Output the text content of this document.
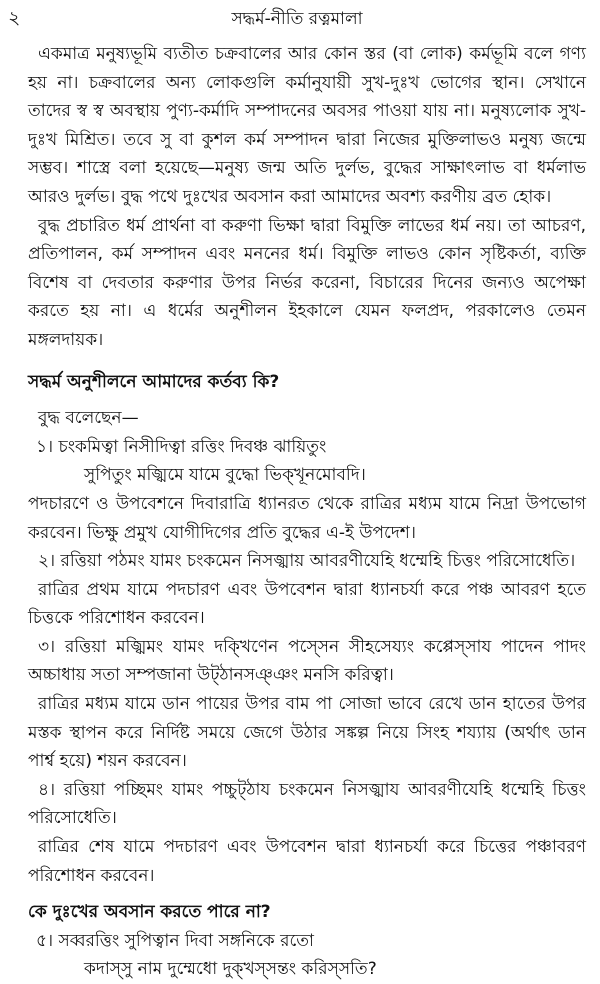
২	সদ্ধর্ম-নীতি রত্নমালা

একমাত্র মনুষ্যভূমি ব্যতীত চক্রবালের আর কোন স্তর (বা লোক) কর্মভূমি বলে গণ্য হয় না। চক্রবালের অন্য লোকগুলি কর্মানুযায়ী সুখ-দুঃখ ভোগের স্থান। সেখানে তাদের স্ব স্ব অবস্থায় পুণ্য-কর্মাদি সম্পাদনের অবসর পাওয়া যায় না। মনুষ্যলোক সুখ-দুঃখ মিশ্রিত। তবে সু বা কুশল কর্ম সম্পাদন দ্বারা নিজের মুক্তিলাভও মনুষ্য জন্মে সম্ভব। শাস্ত্রে বলা হয়েছে—মনুষ্য জন্ম অতি দুর্লভ, বুদ্ধের সাক্ষাৎলাভ বা ধর্মলাভ আরও দুর্লভ। বুদ্ধ পথে দুঃখের অবসান করা আমাদের অবশ্য করণীয় ব্রত হোক।

বুদ্ধ প্রচারিত ধর্ম প্রার্থনা বা করুণা ভিক্ষা দ্বারা বিমুক্তি লাভের ধর্ম নয়। তা আচরণ, প্রতিপালন, কর্ম সম্পাদন এবং মননের ধর্ম। বিমুক্তি লাভও কোন সৃষ্টিকর্তা, ব্যক্তি বিশেষ বা দেবতার করুণার উপর নির্ভর করেনা, বিচারের দিনের জন্যও অপেক্ষা করতে হয় না। এ ধর্মের অনুশীলন ইহকালে যেমন ফলপ্রদ, পরকালেও তেমন মঙ্গলদায়ক।

সদ্ধর্ম অনুশীলনে আমাদের কর্তব্য কি?

বুদ্ধ বলেছেন—

১। চংকমিত্বা নিসীদিত্বা রত্তিং দিবঞ্চ ঝায়িতুং

সুপিতুং মজ্ঝিমে যামে বুদ্ধো ভিক্খূনমোবদি।

পদচারণে ও উপবেশনে দিবারাত্রি ধ্যানরত থেকে রাত্রির মধ্যম যামে নিদ্রা উপভোগ করবেন। ভিক্ষু প্রমুখ যোগীদিগের প্রতি বুদ্ধের এ-ই উপদেশ।

২। রত্তিয়া পঠমং যামং চংকমেন নিসজ্ঝায় আবরণীযেহি ধম্মেহি চিত্তং পরিসোধেতি।

রাত্রির প্রথম যামে পদচারণ এবং উপবেশন দ্বারা ধ্যানচর্যা করে পঞ্চ আবরণ হতে চিত্তকে পরিশোধন করবেন।

৩। রত্তিয়া মজ্ঝিমং যামং দক্খিণেন পস্সেন সীহসেয্যং কপ্পেস্সায পাদেন পাদং অচ্চাধায় সতা সম্পজানা উট্ঠানসঞ্ঞং মনসি করিত্বা।

রাত্রির মধ্যম যামে ডান পায়ের উপর বাম পা সোজা ভাবে রেখে ডান হাতের উপর মস্তক স্থাপন করে নির্দিষ্ট সময়ে জেগে উঠার সঙ্কল্প নিয়ে সিংহ শয্যায় (অর্থাৎ ডান পার্শ্ব হয়ে) শয়ন করবেন।

৪। রত্তিয়া পচ্ছিমং যামং পচ্চুট্ঠায চংকমেন নিসজ্ঝায আবরণীযেহি ধম্মেহি চিত্তং পরিসোধেতি।

রাত্রির শেষ যামে পদচারণ এবং উপবেশন দ্বারা ধ্যানচর্যা করে চিত্তের পঞ্চাবরণ পরিশোধন করবেন।

কে দুঃখের অবসান করতে পারে না?

৫। সব্বরত্তিং সুপিত্বান দিবা সঙ্গনিকে রতো

কদাস্সু নাম দুম্মেধো দুক্খস্সন্তং করিস্সতি?
